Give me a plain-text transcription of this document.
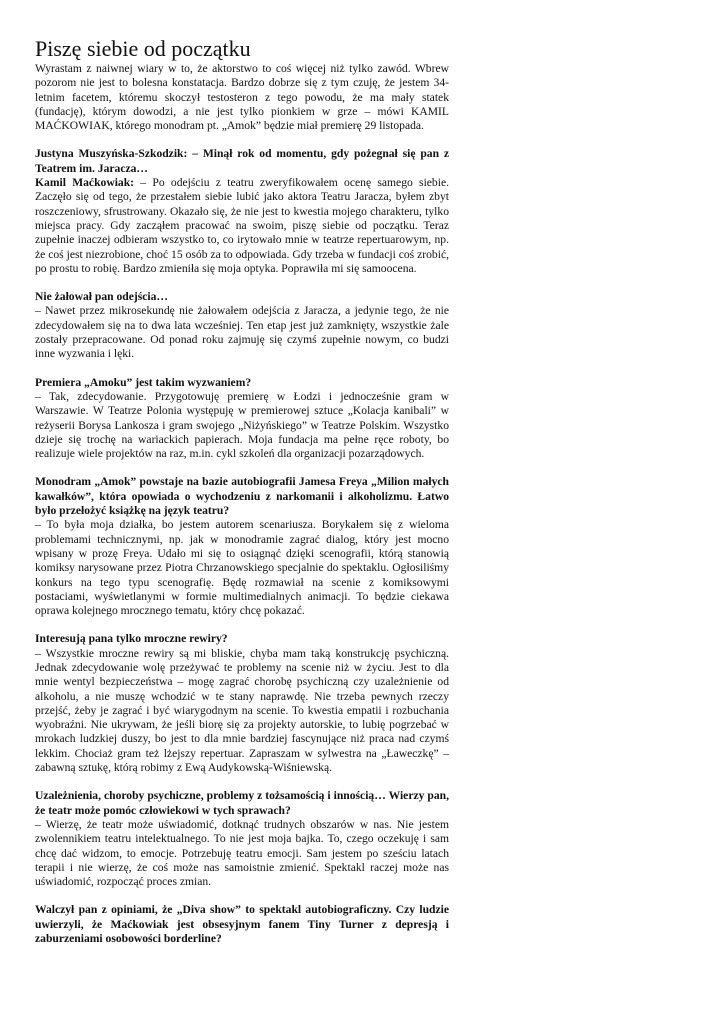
Piszę siebie od początku

Wyrastam z naiwnej wiary w to, że aktorstwo to coś więcej niż tylko zawód. Wbrew pozorom nie jest to bolesna konstatacja. Bardzo dobrze się z tym czuję, że jestem 34-letnim facetem, któremu skoczył testosteron z tego powodu, że ma mały statek (fundację), którym dowodzi, a nie jest tylko pionkiem w grze – mówi KAMIL MAĆKOWIAK, którego monodram pt. „Amok” będzie miał premierę 29 listopada.

Justyna Muszyńska-Szkodzik: – Minął rok od momentu, gdy pożegnał się pan z Teatrem im. Jaracza…

Kamil Maćkowiak: – Po odejściu z teatru zweryfikowałem ocenę samego siebie. Zaczęło się od tego, że przestałem siebie lubić jako aktora Teatru Jaracza, byłem zbyt roszczeniowy, sfrustrowany. Okazało się, że nie jest to kwestia mojego charakteru, tylko miejsca pracy. Gdy zacząłem pracować na swoim, piszę siebie od początku. Teraz zupełnie inaczej odbieram wszystko to, co irytowało mnie w teatrze repertuarowym, np. że coś jest niezrobione, choć 15 osób za to odpowiada. Gdy trzeba w fundacji coś zrobić, po prostu to robię. Bardzo zmieniła się moja optyka. Poprawiła mi się samoocena.

Nie żałował pan odejścia…

– Nawet przez mikrosekundę nie żałowałem odejścia z Jaracza, a jedynie tego, że nie zdecydowałem się na to dwa lata wcześniej. Ten etap jest już zamknięty, wszystkie żale zostały przepracowane. Od ponad roku zajmuję się czymś zupełnie nowym, co budzi inne wyzwania i lęki.

Premiera „Amoku” jest takim wyzwaniem?

– Tak, zdecydowanie. Przygotowuję premierę w Łodzi i jednocześnie gram w Warszawie. W Teatrze Polonia występuję w premierowej sztuce „Kolacja kanibali” w reżyserii Borysa Lankosza i gram swojego „Niżyńskiego” w Teatrze Polskim. Wszystko dzieje się trochę na wariackich papierach. Moja fundacja ma pełne ręce roboty, bo realizuje wiele projektów na raz, m.in. cykl szkoleń dla organizacji pozarządowych.

Monodram „Amok” powstaje na bazie autobiografii Jamesa Freya „Milion małych kawałków”, która opowiada o wychodzeniu z narkomanii i alkoholizmu. Łatwo było przełożyć książkę na język teatru?

– To była moja działka, bo jestem autorem scenariusza. Borykałem się z wieloma problemami technicznymi, np. jak w monodramie zagrać dialog, który jest mocno wpisany w prozę Freya. Udało mi się to osiągnąć dzięki scenografii, którą stanowią komiksy narysowane przez Piotra Chrzanowskiego specjalnie do spektaklu. Ogłosiliśmy konkurs na tego typu scenografię. Będę rozmawiał na scenie z komiksowymi postaciami, wyświetlanymi w formie multimedialnych animacji. To będzie ciekawa oprawa kolejnego mrocznego tematu, który chcę pokazać.

Interesują pana tylko mroczne rewiry?

– Wszystkie mroczne rewiry są mi bliskie, chyba mam taką konstrukcję psychiczną. Jednak zdecydowanie wolę przeżywać te problemy na scenie niż w życiu. Jest to dla mnie wentyl bezpieczeństwa – mogę zagrać chorobę psychiczną czy uzależnienie od alkoholu, a nie muszę wchodzić w te stany naprawdę. Nie trzeba pewnych rzeczy przejść, żeby je zagrać i być wiarygodnym na scenie. To kwestia empatii i rozbuchania wyobraźni. Nie ukrywam, że jeśli biorę się za projekty autorskie, to lubię pogrzebać w mrokach ludzkiej duszy, bo jest to dla mnie bardziej fascynujące niż praca nad czymś lekkim. Chociaż gram też lżejszy repertuar. Zapraszam w sylwestra na „Ławeczkę” – zabawną sztukę, którą robimy z Ewą Audykowską-Wiśniewską.

Uzależnienia, choroby psychiczne, problemy z tożsamością i innością… Wierzy pan, że teatr może pomóc człowiekowi w tych sprawach?

– Wierzę, że teatr może uświadomić, dotknąć trudnych obszarów w nas. Nie jestem zwolennikiem teatru intelektualnego. To nie jest moja bajka. To, czego oczekuję i sam chcę dać widzom, to emocje. Potrzebuję teatru emocji. Sam jestem po sześciu latach terapii i nie wierzę, że coś może nas samoistnie zmienić. Spektakl raczej może nas uświadomić, rozpocząć proces zmian.

Walczył pan z opiniami, że „Diva show” to spektakl autobiograficzny. Czy ludzie uwierzyli, że Maćkowiak jest obsesyjnym fanem Tiny Turner z depresją i zaburzeniami osobowości borderline?
